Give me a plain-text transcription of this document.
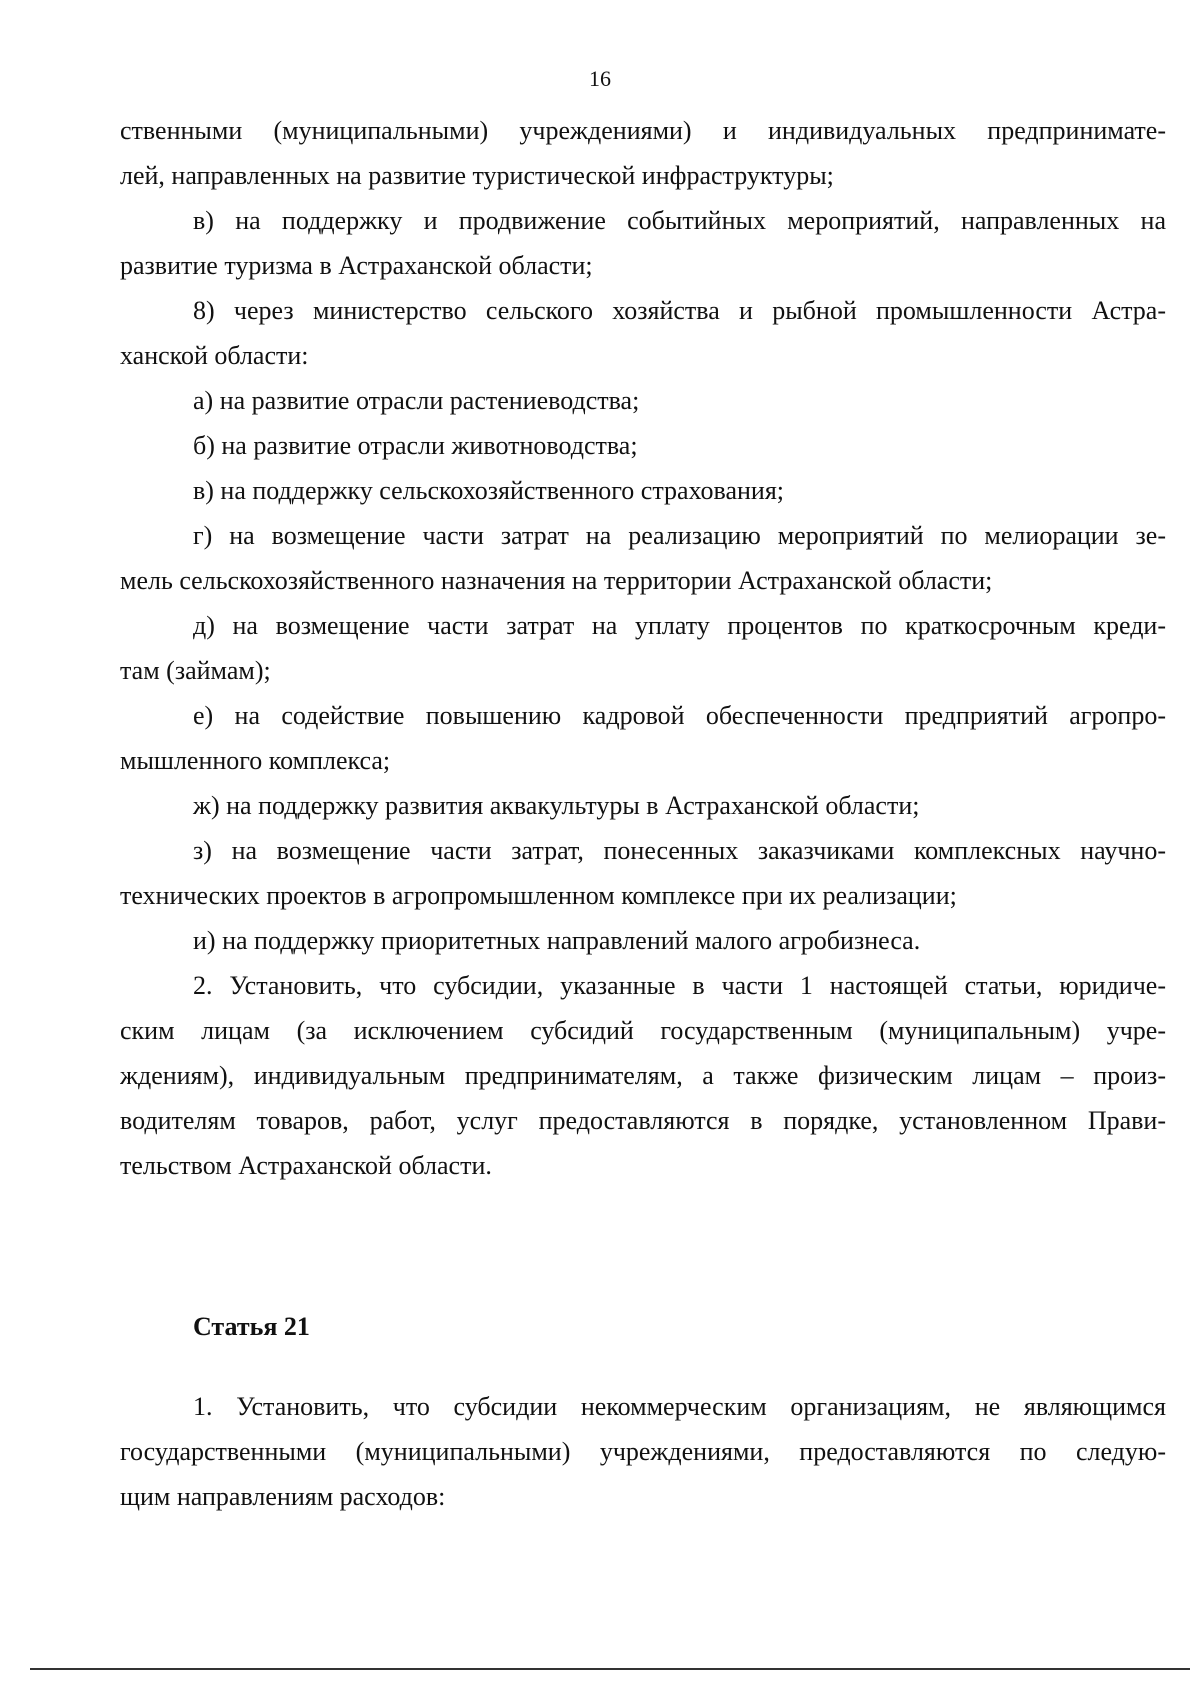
16
ственными (муниципальными) учреждениями) и индивидуальных предпринимате-
лей, направленных на развитие туристической инфраструктуры;
в) на поддержку и продвижение событийных мероприятий, направленных на
развитие туризма в Астраханской области;
8) через министерство сельского хозяйства и рыбной промышленности Астра-
ханской области:
а) на развитие отрасли растениеводства;
б) на развитие отрасли животноводства;
в) на поддержку сельскохозяйственного страхования;
г) на возмещение части затрат на реализацию мероприятий по мелиорации зе-
мель сельскохозяйственного назначения на территории Астраханской области;
д) на возмещение части затрат на уплату процентов по краткосрочным креди-
там (займам);
е) на содействие повышению кадровой обеспеченности предприятий агропро-
мышленного комплекса;
ж) на поддержку развития аквакультуры в Астраханской области;
з) на возмещение части затрат, понесенных заказчиками комплексных научно-
технических проектов в агропромышленном комплексе при их реализации;
и) на поддержку приоритетных направлений малого агробизнеса.
2. Установить, что субсидии, указанные в части 1 настоящей статьи, юридиче-
ским лицам (за исключением субсидий государственным (муниципальным) учре-
ждениям), индивидуальным предпринимателям, а также физическим лицам – произ-
водителям товаров, работ, услуг предоставляются в порядке, установленном Прави-
тельством Астраханской области.
Статья 21
1. Установить, что субсидии некоммерческим организациям, не являющимся
государственными (муниципальными) учреждениями, предоставляются по следую-
щим направлениям расходов:
